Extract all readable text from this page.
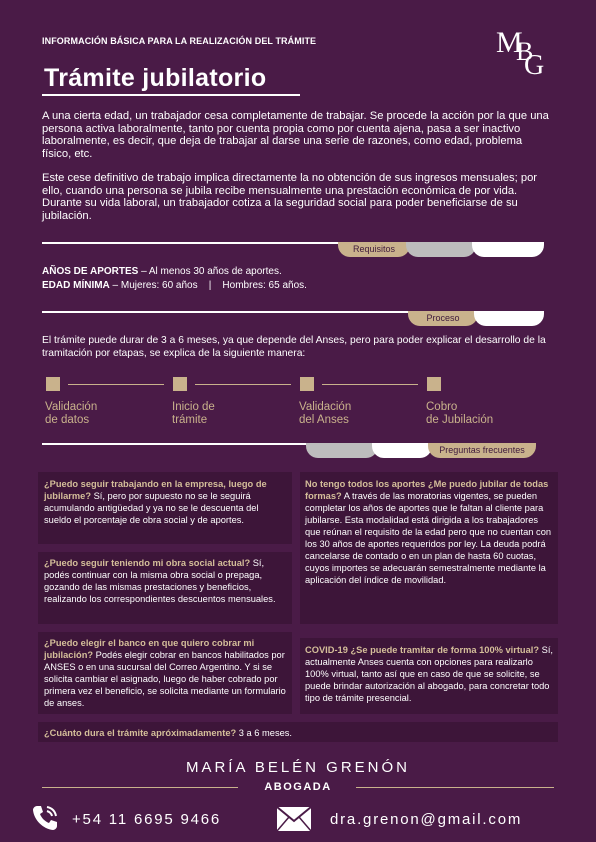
INFORMACIÓN BÁSICA PARA LA REALIZACIÓN DEL TRÁMITE	M
B
G
Trámite jubilatorio
A una cierta edad, un trabajador cesa completamente de trabajar. Se procede la acción por la que una persona activa laboralmente, tanto por cuenta propia como por cuenta ajena, pasa a ser inactivo laboralmente, es decir, que deja de trabajar al darse una serie de razones, como edad, problema físico, etc.
Este cese definitivo de trabajo implica directamente la no obtención de sus ingresos mensuales; por ello, cuando una persona se jubila recibe mensualmente una prestación económica de por vida. Durante su vida laboral, un trabajador cotiza a la seguridad social para poder beneficiarse de su jubilación.
Requisitos
AÑOS DE APORTES – Al menos 30 años de aportes.
EDAD MÍNIMA – Mujeres: 60 años    |    Hombres: 65 años.
Proceso
El trámite puede durar de 3 a 6 meses, ya que depende del Anses, pero para poder explicar el desarrollo de la tramitación por etapas, se explica de la siguiente manera:
Validación
de datos
Inicio de
trámite
Validación
del Anses
Cobro
de Jubilación
Preguntas frecuentes
¿Puedo seguir trabajando en la empresa, luego de jubilarme? Sí, pero por supuesto no se le seguirá acumulando antigüedad y ya no se le descuenta del sueldo el porcentaje de obra social y de aportes.
¿Puedo seguir teniendo mi obra social actual? Sí, podés continuar con la misma obra social o prepaga, gozando de las mismas prestaciones y beneficios, realizando los correspondientes descuentos mensuales.
¿Puedo elegir el banco en que quiero cobrar mi jubilación? Podés elegir cobrar en bancos habilitados por ANSES o en una sucursal del Correo Argentino. Y si se solicita cambiar el asignado, luego de haber cobrado por primera vez el beneficio, se solicita mediante un formulario de anses.
No tengo todos los aportes ¿Me puedo jubilar de todas formas? A través de las moratorias vigentes, se pueden completar los años de aportes que le faltan al cliente para jubilarse. Esta modalidad está dirigida a los trabajadores que reúnan el requisito de la edad pero que no cuentan con los 30 años de aportes requeridos por ley. La deuda podrá cancelarse de contado o en un plan de hasta 60 cuotas, cuyos importes se adecuarán semestralmente mediante la aplicación del índice de movilidad.
COVID-19 ¿Se puede tramitar de forma 100% virtual? Sí, actualmente Anses cuenta con opciones para realizarlo 100% virtual, tanto así que en caso de que se solicite, se puede brindar autorización al abogado, para concretar todo tipo de trámite presencial.
¿Cuánto dura el trámite apróximadamente? 3 a 6 meses.
MARÍA BELÉN GRENÓN
ABOGADA
+54 11 6695 9466	dra.grenon@gmail.com
